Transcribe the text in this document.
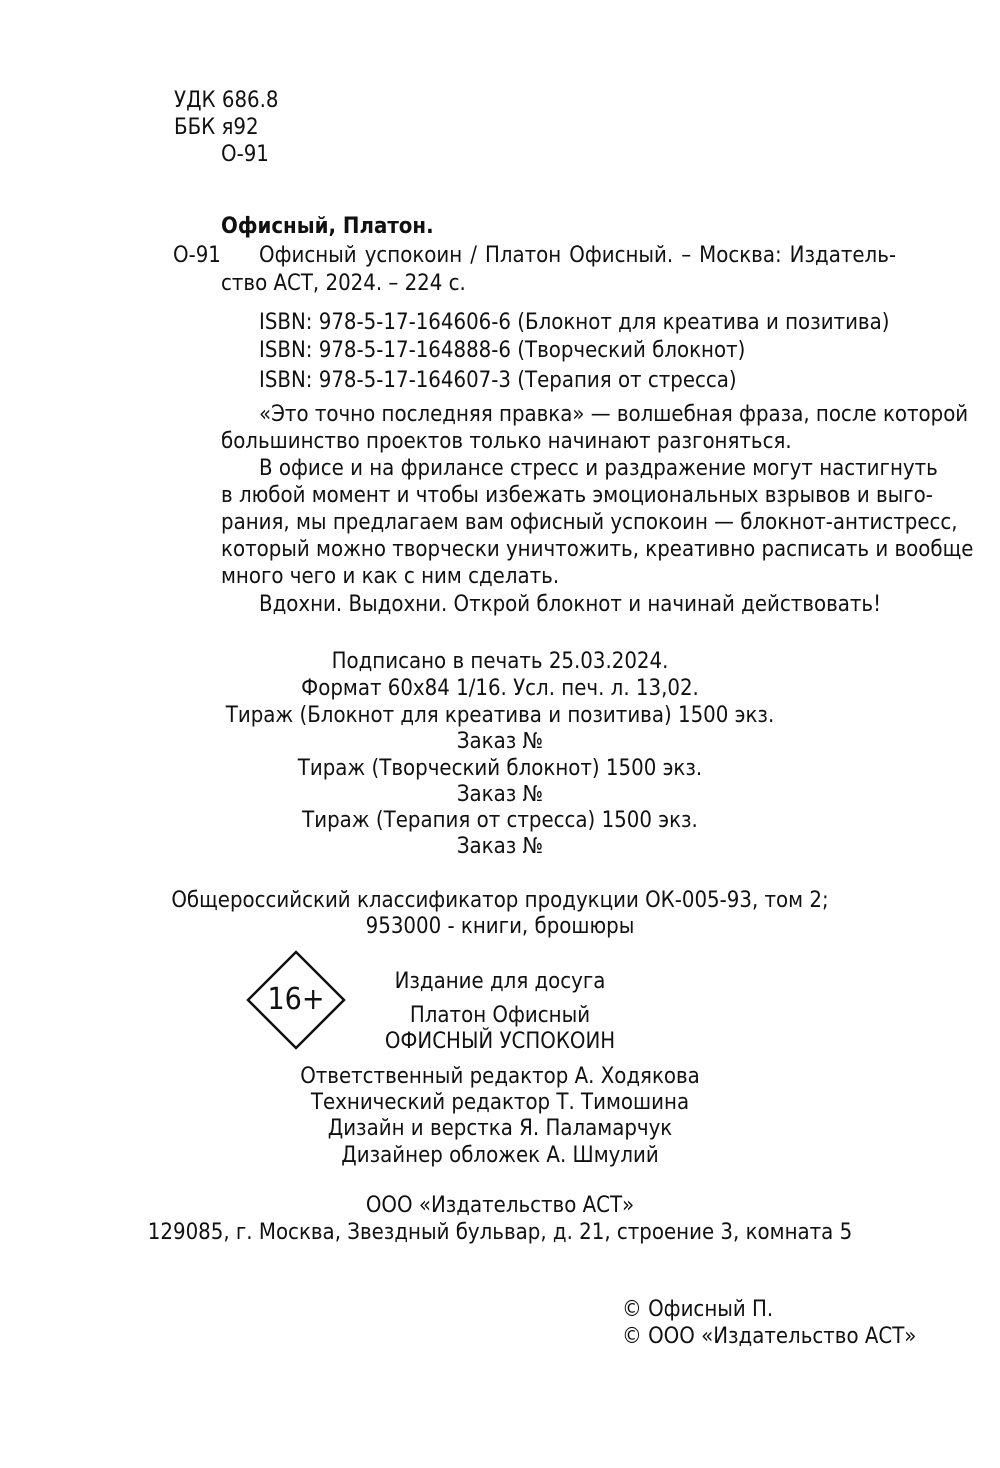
УДК 686.8
ББК я92
О-91
Офисный, Платон.
О-91 Офисный успокоин / Платон Офисный. – Москва: Издатель-
ство АСТ, 2024. – 224 с.
ISBN: 978-5-17-164606-6 (Блокнот для креатива и позитива)
ISBN: 978-5-17-164888-6 (Творческий блокнот)
ISBN: 978-5-17-164607-3 (Терапия от стресса)
«Это точно последняя правка» — волшебная фраза, после которой
большинство проектов только начинают разгоняться.
В офисе и на фрилансе стресс и раздражение могут настигнуть
в любой момент и чтобы избежать эмоциональных взрывов и выго-
рания, мы предлагаем вам офисный успокоин — блокнот-антистресс,
который можно творчески уничтожить, креативно расписать и вообще
много чего и как с ним сделать.
Вдохни. Выдохни. Открой блокнот и начинай действовать!
Подписано в печать 25.03.2024.
Формат 60x84 1/16. Усл. печ. л. 13,02.
Тираж (Блокнот для креатива и позитива) 1500 экз.
Заказ №
Тираж (Творческий блокнот) 1500 экз.
Заказ №
Тираж (Терапия от стресса) 1500 экз.
Заказ №
Общероссийский классификатор продукции ОК-005-93, том 2;
953000 - книги, брошюры
16+
Издание для досуга
Платон Офисный
ОФИСНЫЙ УСПОКОИН
Ответственный редактор А. Ходякова
Технический редактор Т. Тимошина
Дизайн и верстка Я. Паламарчук
Дизайнер обложек А. Шмулий
ООО «Издательство АСТ»
129085, г. Москва, Звездный бульвар, д. 21, строение 3, комната 5
© Офисный П.
© ООО «Издательство АСТ»
